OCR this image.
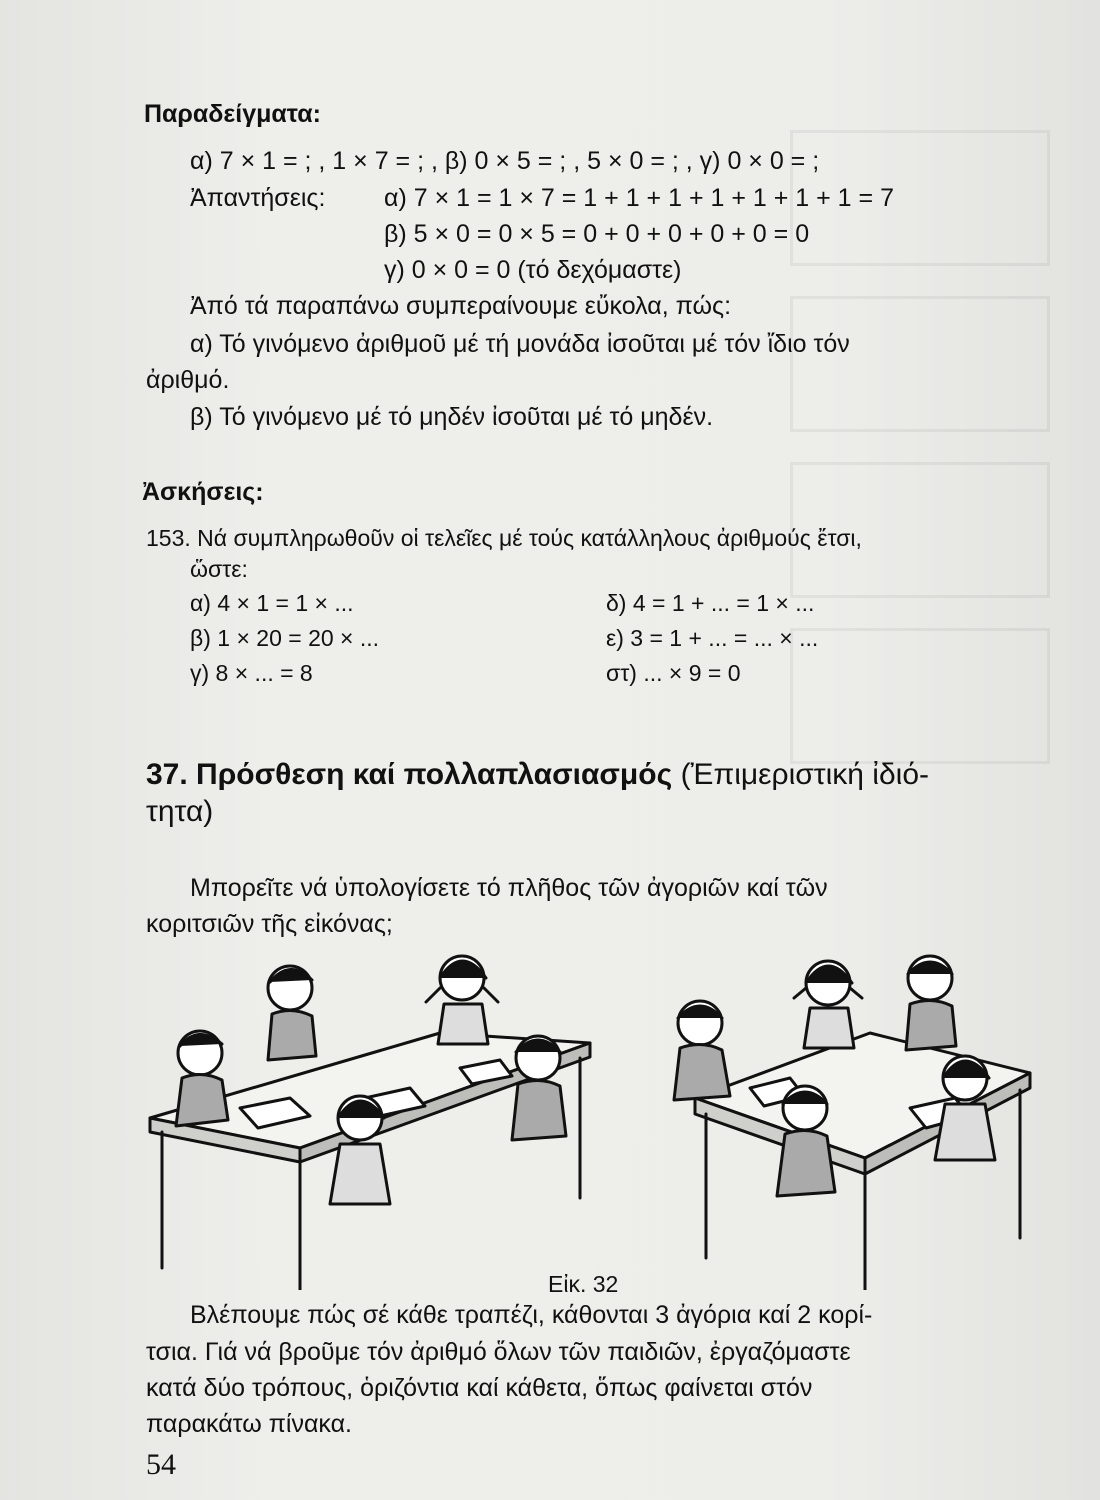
Παραδείγματα:
α) 7 × 1 = ; , 1 × 7 = ; , β) 0 × 5 = ; , 5 × 0 = ; , γ) 0 × 0 = ;
Ἀπαντήσεις: α) 7 × 1 = 1 × 7 = 1 + 1 + 1 + 1 + 1 + 1 + 1 = 7
β) 5 × 0 = 0 × 5 = 0 + 0 + 0 + 0 + 0 = 0
γ) 0 × 0 = 0 (τό δεχόμαστε)
Ἀπό τά παραπάνω συμπεραίνουμε εὔκολα, πώς:
α) Τό γινόμενο ἀριθμοῦ μέ τή μονάδα ἰσοῦται μέ τόν ἴδιο τόν
ἀριθμό.
β) Τό γινόμενο μέ τό μηδέν ἰσοῦται μέ τό μηδέν.
Ἀσκήσεις:
153. Νά συμπληρωθοῦν οἱ τελεῖες μέ τούς κατάλληλους ἀριθμούς ἔτσι,
ὥστε:
α) 4 × 1 = 1 × ...
β) 1 × 20 = 20 × ...
γ) 8 × ... = 8
δ) 4 = 1 + ... = 1 × ...
ε) 3 = 1 + ... = ... × ...
στ) ... × 9 = 0
37. Πρόσθεση καί πολλαπλασιασμός (Ἐπιμεριστική ἰδιό-
τητα)
Μπορεῖτε νά ὑπολογίσετε τό πλῆθος τῶν ἀγοριῶν καί τῶν
κοριτσιῶν τῆς εἰκόνας;
Εἰκ. 32
Βλέπουμε πώς σέ κάθε τραπέζι, κάθονται 3 ἀγόρια καί 2 κορί-
τσια. Γιά νά βροῦμε τόν ἀριθμό ὅλων τῶν παιδιῶν, ἐργαζόμαστε
κατά δύο τρόπους, ὁριζόντια καί κάθετα, ὅπως φαίνεται στόν
παρακάτω πίνακα.
54
